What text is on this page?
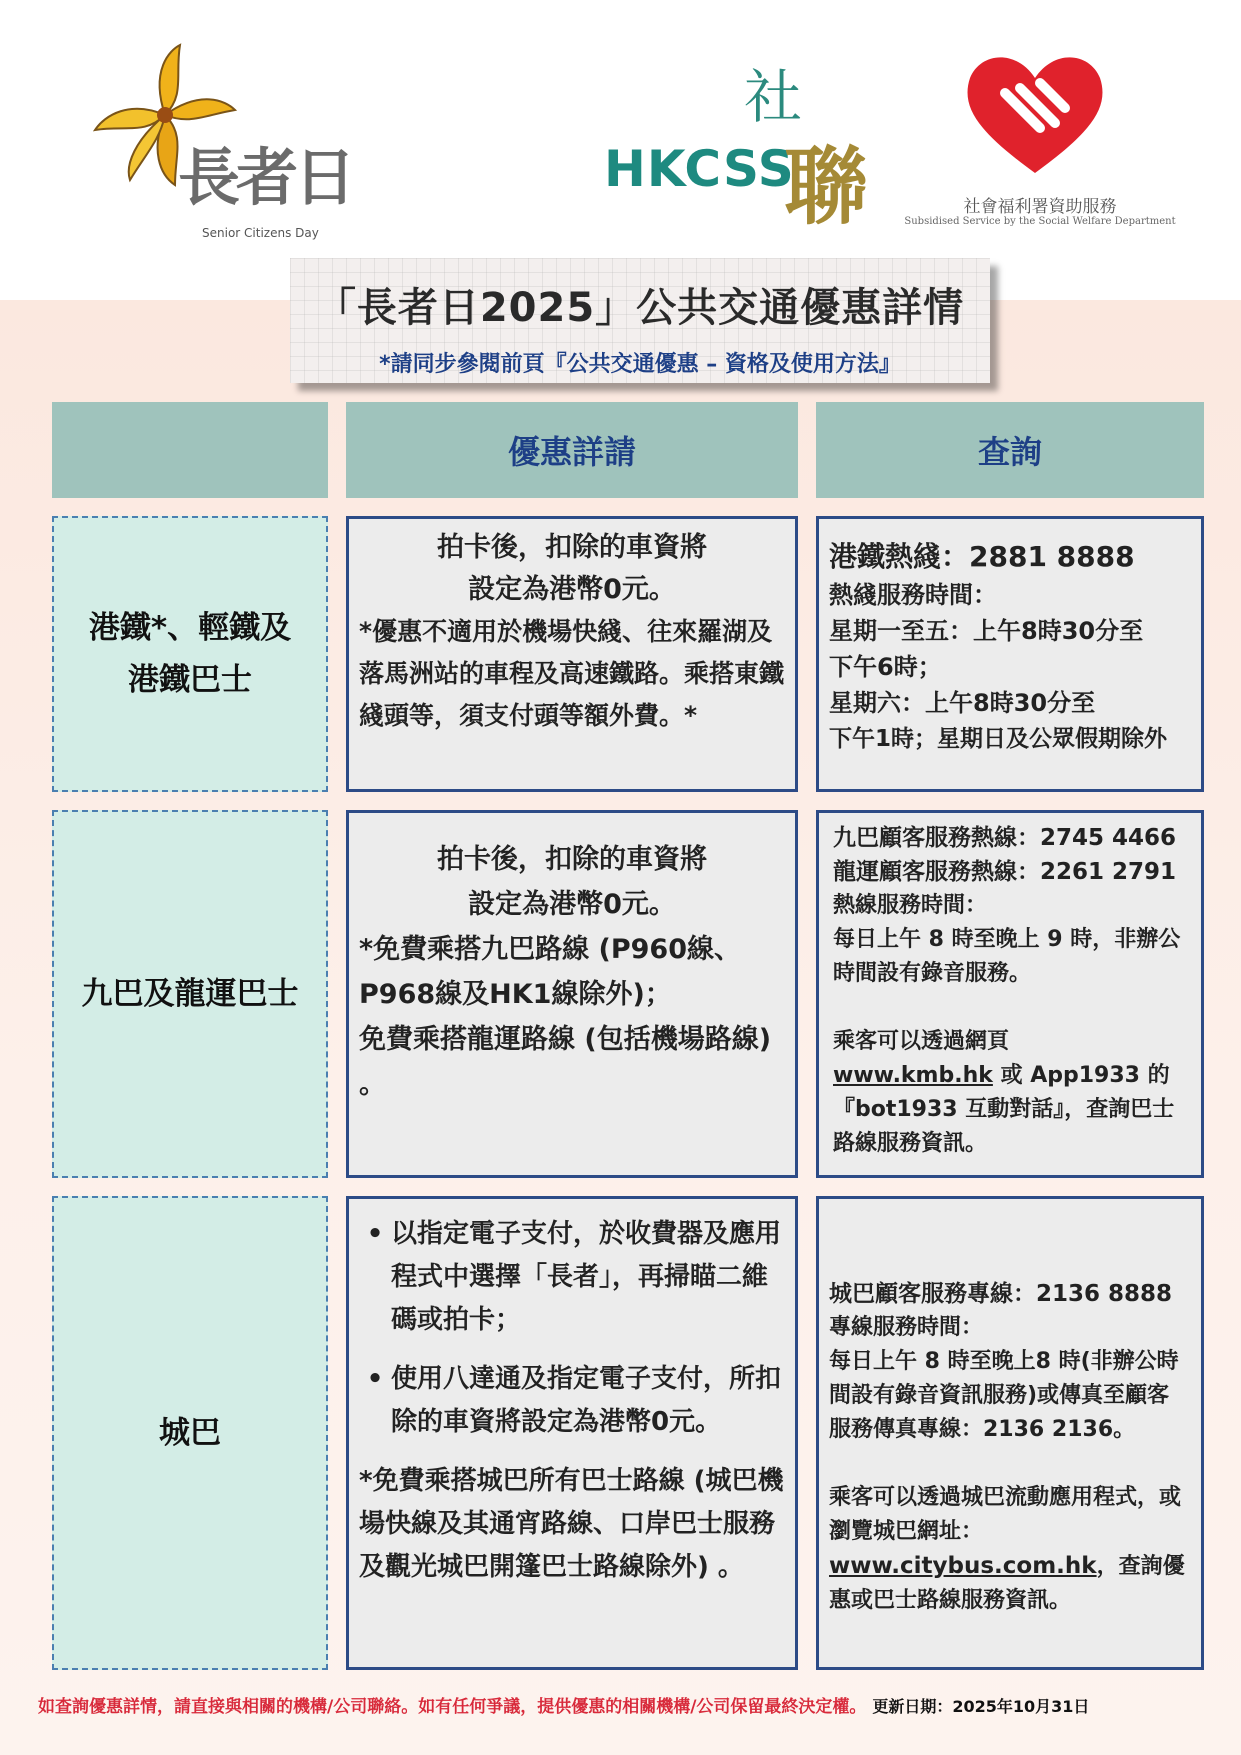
長者日
Senior Citizens Day
社
HKCSS
聯	社會福利署資助服務
Subsidised Service by the Social Welfare Department
「長者日2025」公共交通優惠詳情
*請同步參閱前頁『公共交通優惠 – 資格及使用方法』
優惠詳請	查詢
港鐵*、輕鐵及
港鐵巴士
拍卡後，扣除的車資將
設定為港幣0元。
*優惠不適用於機場快綫、往來羅湖及落馬洲站的車程及高速鐵路。乘搭東鐵綫頭等，須支付頭等額外費。*
港鐵熱綫：2881 8888
熱綫服務時間：
星期一至五：上午8時30分至
下午6時；
星期六：上午8時30分至
下午1時；星期日及公眾假期除外
九巴及龍運巴士
拍卡後，扣除的車資將
設定為港幣0元。
*免費乘搭九巴路線 (P960線、P968線及HK1線除外)；
免費乘搭龍運路線 (包括機場路線) 。
九巴顧客服務熱線：2745 4466
龍運顧客服務熱線：2261 2791
熱線服務時間：
每日上午 8 時至晚上 9 時，非辦公時間設有錄音服務。
乘客可以透過網頁
www.kmb.hk 或 App1933 的『bot1933 互動對話』，查詢巴士路線服務資訊。
城巴
• 以指定電子支付，於收費器及應用程式中選擇「長者」，再掃瞄二維碼或拍卡；
• 使用八達通及指定電子支付，所扣除的車資將設定為港幣0元。
*免費乘搭城巴所有巴士路線 (城巴機場快線及其通宵路線、口岸巴士服務及觀光城巴開篷巴士路線除外) 。
城巴顧客服務專線：2136 8888
專線服務時間：
每日上午 8 時至晚上8 時(非辦公時間設有錄音資訊服務)或傳真至顧客服務傳真專線：2136 2136。
乘客可以透過城巴流動應用程式，或瀏覽城巴網址：
www.citybus.com.hk，查詢優惠或巴士路線服務資訊。
如查詢優惠詳情，請直接與相關的機構/公司聯絡。如有任何爭議，提供優惠的相關機構/公司保留最終決定權。 更新日期：2025年10月31日
